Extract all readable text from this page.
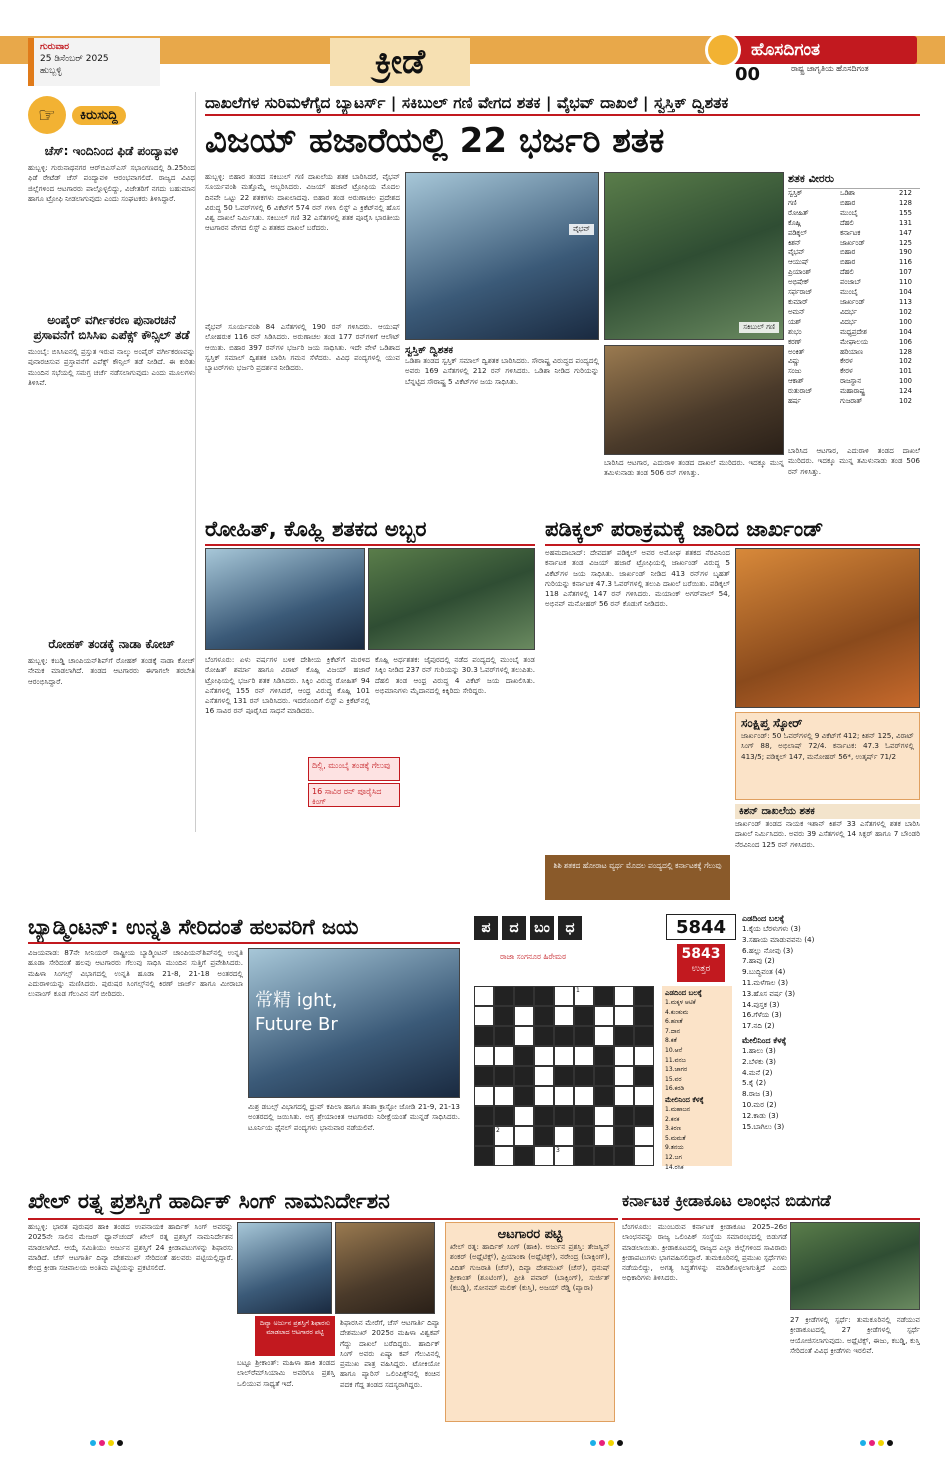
ಗುರುವಾರ
25 ಡಿಸೆಂಬರ್ 2025
ಹುಬ್ಬಳ್ಳಿ	ಕ್ರೀಡೆ	ಹೊಸದಿಗಂತ
00	ರಾಷ್ಟ್ರ ಜಾಗೃತಿಯ ಹೊಸದಿಗಂತ
☞	ಕಿರುಸುದ್ದಿ
ಚೆಸ್: ಇಂದಿನಿಂದ ಫಿಡೆ ಪಂದ್ಯಾವಳಿ
ಹುಬ್ಬಳ್ಳಿ: ಗುರುನಾಥನಗರ ಆರ್‌ಬಿಎಸ್‌ಎಸ್‌ ಸಭಾಂಗಣದಲ್ಲಿ ಡಿ.25ರಿಂದ ಫಿಡೆ ರೇಟೆಡ್ ಚೆಸ್ ಪಂದ್ಯಾವಳಿ ಆರಂಭವಾಗಲಿದೆ. ರಾಜ್ಯದ ವಿವಿಧ ಜಿಲ್ಲೆಗಳಿಂದ ಆಟಗಾರರು ಪಾಲ್ಗೊಳ್ಳಲಿದ್ದು, ವಿಜೇತರಿಗೆ ನಗದು ಬಹುಮಾನ ಹಾಗೂ ಟ್ರೋಫಿ ನೀಡಲಾಗುವುದು ಎಂದು ಸಂಘಟಕರು ತಿಳಿಸಿದ್ದಾರೆ.
ಅಂಪೈರ್ ವರ್ಗೀಕರಣ ಪುನಾರಚನೆ ಪ್ರಸಾವನೆಗೆ ಬಿಸಿಸಿಐ ಎಪೆಕ್ಸ್ ಕೌನ್ಸಿಲ್ ತಡೆ
ಮುಂಬೈ: ಬಿಸಿಸಿಐನಲ್ಲಿ ಪ್ರಸ್ತುತ ಇರುವ ನಾಲ್ಕು ಅಂಪೈರ್ ವರ್ಗೀಕರಣವನ್ನು ಪುನಾರಚಿಸುವ ಪ್ರಸ್ತಾವನೆಗೆ ಎಪೆಕ್ಸ್ ಕೌನ್ಸಿಲ್ ತಡೆ ನೀಡಿದೆ. ಈ ಕುರಿತು ಮುಂದಿನ ಸಭೆಯಲ್ಲಿ ಸಮಗ್ರ ಚರ್ಚೆ ನಡೆಸಲಾಗುವುದು ಎಂದು ಮೂಲಗಳು ತಿಳಿಸಿವೆ.
ರೋಹಕ್ ತಂಡಕ್ಕೆ ನಾಡಾ ಕೋಚ್
ಹುಬ್ಬಳ್ಳಿ: ಕಬಡ್ಡಿ ಚಾಂಪಿಯನ್‌ಶಿಪ್‌ಗೆ ರೋಹಕ್ ತಂಡಕ್ಕೆ ನಾಡಾ ಕೋಚ್ ನೇಮಕ ಮಾಡಲಾಗಿದೆ. ತಂಡದ ಆಟಗಾರರು ಈಗಾಗಲೇ ತರಬೇತಿ ಆರಂಭಿಸಿದ್ದಾರೆ.
ದಾಖಲೆಗಳ ಸುರಿಮಳೆಗೈದ ಬ್ಯಾಟರ್ಸ್ | ಸಕಿಬುಲ್ ಗಣಿ ವೇಗದ ಶತಕ | ವೈಭವ್ ದಾಖಲೆ | ಸ್ವಸ್ತಿಕ್ ದ್ವಿಶತಕ
ವಿಜಯ್ ಹಜಾರೆಯಲ್ಲಿ 22 ಭರ್ಜರಿ ಶತಕ
ಹುಬ್ಬಳ್ಳಿ: ಬಿಹಾರ ತಂಡದ ಸಕಿಬುಲ್ ಗಣಿ ದಾಖಲೆಯ ಶತಕ ಬಾರಿಸಿದರೆ, ವೈಭವ್ ಸೂರ್ಯವಂಶಿ ಮತ್ತೊಮ್ಮೆ ಅಬ್ಬರಿಸಿದರು. ವಿಜಯ್ ಹಜಾರೆ ಟ್ರೋಫಿಯ ಮೊದಲ ದಿನವೇ ಒಟ್ಟು 22 ಶತಕಗಳು ದಾಖಲಾದವು. ಬಿಹಾರ ತಂಡ ಅರುಣಾಚಲ ಪ್ರದೇಶದ ವಿರುದ್ಧ 50 ಓವರ್‌ಗಳಲ್ಲಿ 6 ವಿಕೆಟ್‌ಗೆ 574 ರನ್ ಗಳಿಸಿ ಲಿಸ್ಟ್ ಎ ಕ್ರಿಕೆಟ್‌ನಲ್ಲಿ ಹೊಸ ವಿಶ್ವ ದಾಖಲೆ ನಿರ್ಮಿಸಿತು. ಸಕಿಬುಲ್ ಗಣಿ 32 ಎಸೆತಗಳಲ್ಲಿ ಶತಕ ಪೂರೈಸಿ ಭಾರತೀಯ ಆಟಗಾರನ ವೇಗದ ಲಿಸ್ಟ್ ಎ ಶತಕದ ದಾಖಲೆ ಬರೆದರು.
ವೈಭವ್ ಸೂರ್ಯವಂಶಿ 84 ಎಸೆತಗಳಲ್ಲಿ 190 ರನ್ ಗಳಿಸಿದರು. ಆಯುಷ್ ಲೋಹರುಕ 116 ರನ್ ಸಿಡಿಸಿದರು. ಅರುಣಾಚಲ ತಂಡ 177 ರನ್‌ಗಳಿಗೆ ಆಲೌಟ್ ಆಯಿತು. ಬಿಹಾರ 397 ರನ್‌ಗಳ ಭರ್ಜರಿ ಜಯ ಸಾಧಿಸಿತು. ಇದೇ ವೇಳೆ ಒಡಿಶಾದ ಸ್ವಸ್ತಿಕ್ ಸಮಾಲ್ ದ್ವಿಶತಕ ಬಾರಿಸಿ ಗಮನ ಸೆಳೆದರು. ವಿವಿಧ ಪಂದ್ಯಗಳಲ್ಲಿ ಯುವ ಬ್ಯಾಟರ್‌ಗಳು ಭರ್ಜರಿ ಪ್ರದರ್ಶನ ನೀಡಿದರು.
ವೈಭವ್
ಸಕಿಬುಲ್ ಗಣಿ
ಸ್ವಸ್ತಿಕ್ ದ್ವಿಶತಕ
ಒಡಿಶಾ ತಂಡದ ಸ್ವಸ್ತಿಕ್ ಸಮಾಲ್ ದ್ವಿಶತಕ ಬಾರಿಸಿದರು. ಸೌರಾಷ್ಟ್ರ ವಿರುದ್ಧದ ಪಂದ್ಯದಲ್ಲಿ ಅವರು 169 ಎಸೆತಗಳಲ್ಲಿ 212 ರನ್ ಗಳಿಸಿದರು. ಒಡಿಶಾ ನೀಡಿದ ಗುರಿಯನ್ನು ಬೆನ್ನಟ್ಟಿದ ಸೌರಾಷ್ಟ್ರ 5 ವಿಕೆಟ್‌ಗಳ ಜಯ ಸಾಧಿಸಿತು.
ಬಾರಿಸಿದ ಆಟಗಾರ, ಎದುರಾಳಿ ತಂಡದ ದಾಖಲೆ ಮುರಿದರು. ಇದಕ್ಕೂ ಮುನ್ನ ತಮಿಳುನಾಡು ತಂಡ 506 ರನ್ ಗಳಿಸಿತ್ತು.
ಶತಕ ವೀರರು
ಸ್ವಸ್ತಿಕ್	ಒಡಿಶಾ	212
ಗಣಿ	ಬಿಹಾರ	128
ರೋಹಿತ್	ಮುಂಬೈ	155
ಕೊಹ್ಲಿ	ದೆಹಲಿ	131
ಪಡಿಕ್ಕಲ್	ಕರ್ನಾಟಕ	147
ಕಿಶನ್	ಜಾರ್ಖಂಡ್	125
ವೈಭವ್	ಬಿಹಾರ	190
ಆಯುಷ್	ಬಿಹಾರ	116
ಪ್ರಿಯಾಂಶ್	ದೆಹಲಿ	107
ಅಭಿಷೇಕ್	ಪಂಜಾಬ್	110
ಸರ್ಫರಾಜ್	ಮುಂಬೈ	104
ಕುಮಾರ್	ಜಾರ್ಖಂಡ್	113
ಅಮನ್	ವಿದರ್ಭ	102
ಯಶ್	ವಿದರ್ಭ	100
ಶುಭಂ	ಮಧ್ಯಪ್ರದೇಶ	104
ಕರಣ್	ಮೇಘಾಲಯ	106
ಅಂಕಿತ್	ಹರಿಯಾಣ	128
ವಿಷ್ಣು	ಕೇರಳ	102
ಸಂಜು	ಕೇರಳ	101
ಆಕಾಶ್	ರಾಜಸ್ಥಾನ	100
ರುತುರಾಜ್	ಮಹಾರಾಷ್ಟ್ರ	124
ಹರ್ಷ	ಗುಜರಾತ್	102
ಬಾರಿಸಿದ ಆಟಗಾರ, ಎದುರಾಳಿ ತಂಡದ ದಾಖಲೆ ಮುರಿದರು. ಇದಕ್ಕೂ ಮುನ್ನ ತಮಿಳುನಾಡು ತಂಡ 506 ರನ್ ಗಳಿಸಿತ್ತು.
ರೋಹಿತ್, ಕೊಹ್ಲಿ ಶತಕದ ಅಬ್ಬರ
ಬೆಂಗಳೂರು: ಏಳು ವರ್ಷಗಳ ಬಳಿಕ ದೇಶೀಯ ಕ್ರಿಕೆಟ್‌ಗೆ ಮರಳಿದ ರೋಹಿತ್ ಶರ್ಮಾ ಹಾಗೂ ವಿರಾಟ್ ಕೊಹ್ಲಿ ವಿಜಯ್ ಹಜಾರೆ ಟ್ರೋಫಿಯಲ್ಲಿ ಭರ್ಜರಿ ಶತಕ ಸಿಡಿಸಿದರು. ಸಿಕ್ಕಿಂ ವಿರುದ್ಧ ರೋಹಿತ್ 94 ಎಸೆತಗಳಲ್ಲಿ 155 ರನ್ ಗಳಿಸಿದರೆ, ಆಂಧ್ರ ವಿರುದ್ಧ ಕೊಹ್ಲಿ 101 ಎಸೆತಗಳಲ್ಲಿ 131 ರನ್ ಬಾರಿಸಿದರು. ಇದರೊಂದಿಗೆ ಲಿಸ್ಟ್ ಎ ಕ್ರಿಕೆಟ್‌ನಲ್ಲಿ 16 ಸಾವಿರ ರನ್ ಪೂರೈಸಿದ ಸಾಧನೆ ಮಾಡಿದರು.
ಕೊಹ್ಲಿ ಅರ್ಧಶತಕ: ಜೈಪುರದಲ್ಲಿ ನಡೆದ ಪಂದ್ಯದಲ್ಲಿ ಮುಂಬೈ ತಂಡ ಸಿಕ್ಕಿಂ ನೀಡಿದ 237 ರನ್ ಗುರಿಯನ್ನು 30.3 ಓವರ್‌ಗಳಲ್ಲಿ ತಲುಪಿತು. ದೆಹಲಿ ತಂಡ ಆಂಧ್ರ ವಿರುದ್ಧ 4 ವಿಕೆಟ್ ಜಯ ದಾಖಲಿಸಿತು. ಅಭಿಮಾನಿಗಳು ಮೈದಾನದಲ್ಲಿ ಕಿಕ್ಕಿರಿದು ಸೇರಿದ್ದರು.
ದಿಲ್ಲಿ, ಮುಂಬೈ ತಂಡಕ್ಕೆ ಗೆಲುವು
16 ಸಾವಿರ ರನ್ ಪೂರೈಸಿದ ಕಿಂಗ್
ಪಡಿಕ್ಕಲ್ ಪರಾಕ್ರಮಕ್ಕೆ ಜಾರಿದ ಜಾರ್ಖಂಡ್
ಅಹಮದಾಬಾದ್: ದೇವದತ್ ಪಡಿಕ್ಕಲ್ ಅವರ ಅಮೋಘ ಶತಕದ ನೆರವಿನಿಂದ ಕರ್ನಾಟಕ ತಂಡ ವಿಜಯ್ ಹಜಾರೆ ಟ್ರೋಫಿಯಲ್ಲಿ ಜಾರ್ಖಂಡ್ ವಿರುದ್ಧ 5 ವಿಕೆಟ್‌ಗಳ ಜಯ ಸಾಧಿಸಿತು. ಜಾರ್ಖಂಡ್ ನೀಡಿದ 413 ರನ್‌ಗಳ ಬೃಹತ್ ಗುರಿಯನ್ನು ಕರ್ನಾಟಕ 47.3 ಓವರ್‌ಗಳಲ್ಲಿ ತಲುಪಿ ದಾಖಲೆ ಬರೆಯಿತು. ಪಡಿಕ್ಕಲ್ 118 ಎಸೆತಗಳಲ್ಲಿ 147 ರನ್ ಗಳಿಸಿದರು. ಮಯಾಂಕ್ ಅಗರ್‌ವಾಲ್ 54, ಅಭಿನವ್ ಮನೋಹರ್ 56 ರನ್ ಕೊಡುಗೆ ನೀಡಿದರು.
ಸಂಕ್ಷಿಪ್ತ ಸ್ಕೋರ್
ಜಾರ್ಖಂಡ್: 50 ಓವರ್‌ಗಳಲ್ಲಿ 9 ವಿಕೆಟ್‌ಗೆ 412; ಕಿಶನ್ 125, ವಿರಾಟ್ ಸಿಂಗ್ 88, ಅಭಿಲಾಷ್ 72/4. ಕರ್ನಾಟಕ: 47.3 ಓವರ್‌ಗಳಲ್ಲಿ 413/5; ಪಡಿಕ್ಕಲ್ 147, ಮನೋಹರ್ 56*, ಉತ್ಕರ್ಷ್ 71/2
ಕಿಶನ್ ದಾಖಲೆಯ ಶತಕ
ಜಾರ್ಖಂಡ್ ತಂಡದ ನಾಯಕ ಇಶಾನ್ ಕಿಶನ್ 33 ಎಸೆತಗಳಲ್ಲಿ ಶತಕ ಬಾರಿಸಿ ದಾಖಲೆ ನಿರ್ಮಿಸಿದರು. ಅವರು 39 ಎಸೆತಗಳಲ್ಲಿ 14 ಸಿಕ್ಸರ್ ಹಾಗೂ 7 ಬೌಂಡರಿ ನೆರವಿನಿಂದ 125 ರನ್ ಗಳಿಸಿದರು.
ಶಿಶಿ ಶತಕದ ಹೋರಾಟ ವ್ಯರ್ಥ ಮೊದಲ ಪಂದ್ಯದಲ್ಲಿ ಕರ್ನಾಟಕಕ್ಕೆ ಗೆಲುವು
ಬ್ಯಾಡ್ಮಿಂಟನ್: ಉನ್ನತಿ ಸೇರಿದಂತೆ ಹಲವರಿಗೆ ಜಯ
ವಿಜಯವಾಡ: 87ನೇ ಸೀನಿಯರ್ ರಾಷ್ಟ್ರೀಯ ಬ್ಯಾಡ್ಮಿಂಟನ್ ಚಾಂಪಿಯನ್‌ಶಿಪ್‌ನಲ್ಲಿ ಉನ್ನತಿ ಹೂಡಾ ಸೇರಿದಂತೆ ಹಲವು ಆಟಗಾರರು ಗೆಲುವು ಸಾಧಿಸಿ ಮುಂದಿನ ಸುತ್ತಿಗೆ ಪ್ರವೇಶಿಸಿದರು. ಮಹಿಳಾ ಸಿಂಗಲ್ಸ್ ವಿಭಾಗದಲ್ಲಿ ಉನ್ನತಿ ಹೂಡಾ 21-8, 21-18 ಅಂತರದಲ್ಲಿ ಎದುರಾಳಿಯನ್ನು ಮಣಿಸಿದರು. ಪುರುಷರ ಸಿಂಗಲ್ಸ್‌ನಲ್ಲಿ ಕಿರಣ್ ಜಾರ್ಜ್ ಹಾಗೂ ಮೀರಾಬಾ ಲುವಾಂಗ್ ಕೂಡ ಗೆಲುವಿನ ನಗೆ ಬೀರಿದರು.	常精 ight, Future Br
ಮಿಶ್ರ ಡಬಲ್ಸ್ ವಿಭಾಗದಲ್ಲಿ ಧ್ರುವ್ ಕಪಿಲಾ ಹಾಗೂ ತನಿಶಾ ಕ್ರಾಸ್ಟೋ ಜೋಡಿ 21-9, 21-13 ಅಂತರದಲ್ಲಿ ಜಯಿಸಿತು. ಅಗ್ರ ಶ್ರೇಯಾಂಕಿತ ಆಟಗಾರರು ನಿರೀಕ್ಷೆಯಂತೆ ಮುನ್ನಡೆ ಸಾಧಿಸಿದರು. ಟೂರ್ನಿಯ ಫೈನಲ್ ಪಂದ್ಯಗಳು ಭಾನುವಾರ ನಡೆಯಲಿವೆ.
ಪ	ದ	ಬಂ	ಧ	5844
ರಾಜಾ ಸಂಗನೂರ ಹಿರೇಮಠ	5843
ಉತ್ತರ
1
2
3
ಎಡದಿಂದ ಬಲಕ್ಕೆ
1.ಮಕ್ಕಳ ಆಟಿಕೆ
4.ಕುಂಕುಮ
6.ಹಣತೆ
7.ದಾನ
8.ಕತೆ
10.ಆನೆ
11.ವನಜ
13.ಜಾಗರ
15.ವರ
16.ಕರಡಿ
ಮೇಲಿನಿಂದ ಕೆಳಕ್ಕೆ
1.ಮಹಾಜನ
2.ಕನಕ
3.ಕಿರಣ
5.ಮಮತೆ
9.ತನಯ
12.ಜಗ
14.ರಸಿಕ
ಎಡದಿಂದ ಬಲಕ್ಕೆ
1.ಕೈಯ ಬೆರಳುಗಳು (3)
3.ಸಹಾಯ ಮಾಡುವವನು (4)
6.ಹಲ್ಲು ನೋವು (3)
7.ಹಾವು (2)
9.ಬುದ್ಧಿವಂತ (4)
11.ಮಳೆಗಾಲ (3)
13.ಹೊಸ ವರ್ಷ (3)
14.ಪುಸ್ತಕ (3)
16.ಗೆಳೆಯ (3)
17.ನದಿ (2)
ಮೇಲಿನಿಂದ ಕೆಳಕ್ಕೆ
1.ಹಾಲು (3)
2.ಬೆಳಕು (3)
4.ಮನೆ (2)
5.ಕೈ (2)
8.ರಾಜ (3)
10.ಮರ (2)
12.ಕಾಡು (3)
15.ಬಾಗಿಲು (3)
ಖೇಲ್ ರತ್ನ ಪ್ರಶಸ್ತಿಗೆ ಹಾರ್ದಿಕ್ ಸಿಂಗ್ ನಾಮನಿರ್ದೇಶನ
ಹುಬ್ಬಳ್ಳಿ: ಭಾರತ ಪುರುಷರ ಹಾಕಿ ತಂಡದ ಉಪನಾಯಕ ಹಾರ್ದಿಕ್ ಸಿಂಗ್ ಅವರನ್ನು 2025ನೇ ಸಾಲಿನ ಮೇಜರ್ ಧ್ಯಾನ್‌ಚಂದ್ ಖೇಲ್ ರತ್ನ ಪ್ರಶಸ್ತಿಗೆ ನಾಮನಿರ್ದೇಶನ ಮಾಡಲಾಗಿದೆ. ಆಯ್ಕೆ ಸಮಿತಿಯು ಅರ್ಜುನ ಪ್ರಶಸ್ತಿಗೆ 24 ಕ್ರೀಡಾಪಟುಗಳನ್ನು ಶಿಫಾರಸು ಮಾಡಿದೆ. ಚೆಸ್ ಆಟಗಾರ್ತಿ ದಿವ್ಯಾ ದೇಶಮುಖ್ ಸೇರಿದಂತೆ ಹಲವರು ಪಟ್ಟಿಯಲ್ಲಿದ್ದಾರೆ. ಕೇಂದ್ರ ಕ್ರೀಡಾ ಸಚಿವಾಲಯ ಅಂತಿಮ ಪಟ್ಟಿಯನ್ನು ಪ್ರಕಟಿಸಲಿದೆ.
ದಿವ್ಯಾ ಅರ್ಜುನ ಪ್ರಶಸ್ತಿಗೆ ಶಿಫಾರಸು ಮಾಡಲಾದ ಆಟಗಾರರ ಪಟ್ಟಿ
ಶಿಫಾರಸಿನ ಮೇರೆಗೆ, ಚೆಸ್ ಆಟಗಾರ್ತಿ ದಿವ್ಯಾ ದೇಶಮುಖ್ 2025ರ ಮಹಿಳಾ ವಿಶ್ವಕಪ್ ಗೆದ್ದು ದಾಖಲೆ ಬರೆದಿದ್ದರು. ಹಾರ್ದಿಕ್ ಸಿಂಗ್ ಅವರು ಏಷ್ಯಾ ಕಪ್ ಗೆಲುವಿನಲ್ಲಿ ಪ್ರಮುಖ ಪಾತ್ರ ವಹಿಸಿದ್ದರು. ಟೋಕಿಯೋ ಹಾಗೂ ಪ್ಯಾರಿಸ್ ಒಲಿಂಪಿಕ್ಸ್‌ನಲ್ಲಿ ಕಂಚಿನ ಪದಕ ಗೆದ್ದ ತಂಡದ ಸದಸ್ಯರಾಗಿದ್ದರು.
ಆಟಗಾರರ ಪಟ್ಟಿ
ಖೇಲ್ ರತ್ನ: ಹಾರ್ದಿಕ್ ಸಿಂಗ್ (ಹಾಕಿ). ಅರ್ಜುನ ಪ್ರಶಸ್ತಿ: ತೇಜಸ್ವಿನ್ ಶಂಕರ್ (ಅಥ್ಲೆಟಿಕ್ಸ್), ಪ್ರಿಯಾಂಕಾ (ಅಥ್ಲೆಟಿಕ್ಸ್), ನರೇಂದ್ರ (ಬಾಕ್ಸಿಂಗ್), ವಿದಿತ್ ಗುಜರಾತಿ (ಚೆಸ್), ದಿವ್ಯಾ ದೇಶಮುಖ್ (ಚೆಸ್), ಧನುಷ್ ಶ್ರೀಕಾಂತ್ (ಶೂಟಿಂಗ್), ಪ್ರೀತಿ ಪವಾರ್ (ಬಾಕ್ಸಿಂಗ್), ಸುರ್ಜಿತ್ (ಕಬಡ್ಡಿ), ಸೋನಮ್ ಮಲಿಕ್ (ಕುಸ್ತಿ), ಅಜಯ್ ರೆಡ್ಡಿ (ಪ್ಯಾರಾ)
ಬಟ್ಟೂ ಶ್ರೀಕಾಂತ್: ಮಹಿಳಾ ಹಾಕಿ ತಂಡದ ಲಾಲ್‌ರೆಮ್‌ಸಿಯಾಮಿ ಅವರಿಗೂ ಪ್ರಶಸ್ತಿ ಒಲಿಯುವ ಸಾಧ್ಯತೆ ಇದೆ.
ಕರ್ನಾಟಕ ಕ್ರೀಡಾಕೂಟ ಲಾಂಛನ ಬಿಡುಗಡೆ
ಬೆಂಗಳೂರು: ಮುಂಬರುವ ಕರ್ನಾಟಕ ಕ್ರೀಡಾಕೂಟ 2025–26ರ ಲಾಂಛನವನ್ನು ರಾಜ್ಯ ಒಲಿಂಪಿಕ್ ಸಂಸ್ಥೆಯ ಸಮಾರಂಭದಲ್ಲಿ ಬಿಡುಗಡೆ ಮಾಡಲಾಯಿತು. ಕ್ರೀಡಾಕೂಟದಲ್ಲಿ ರಾಜ್ಯದ ಎಲ್ಲಾ ಜಿಲ್ಲೆಗಳಿಂದ ಸಾವಿರಾರು ಕ್ರೀಡಾಪಟುಗಳು ಭಾಗವಹಿಸಲಿದ್ದಾರೆ. ತುಮಕೂರಿನಲ್ಲಿ ಪ್ರಮುಖ ಸ್ಪರ್ಧೆಗಳು ನಡೆಯಲಿದ್ದು, ಅಗತ್ಯ ಸಿದ್ಧತೆಗಳನ್ನು ಮಾಡಿಕೊಳ್ಳಲಾಗುತ್ತಿದೆ ಎಂದು ಅಧಿಕಾರಿಗಳು ತಿಳಿಸಿದರು.
27 ಕ್ರೀಡೆಗಳಲ್ಲಿ ಸ್ಪರ್ಧೆ: ತುಮಕೂರಿನಲ್ಲಿ ನಡೆಯುವ ಕ್ರೀಡಾಕೂಟದಲ್ಲಿ 27 ಕ್ರೀಡೆಗಳಲ್ಲಿ ಸ್ಪರ್ಧೆ ಆಯೋಜಿಸಲಾಗುವುದು. ಅಥ್ಲೆಟಿಕ್ಸ್, ಈಜು, ಕಬಡ್ಡಿ, ಕುಸ್ತಿ ಸೇರಿದಂತೆ ವಿವಿಧ ಕ್ರೀಡೆಗಳು ಇರಲಿವೆ.
